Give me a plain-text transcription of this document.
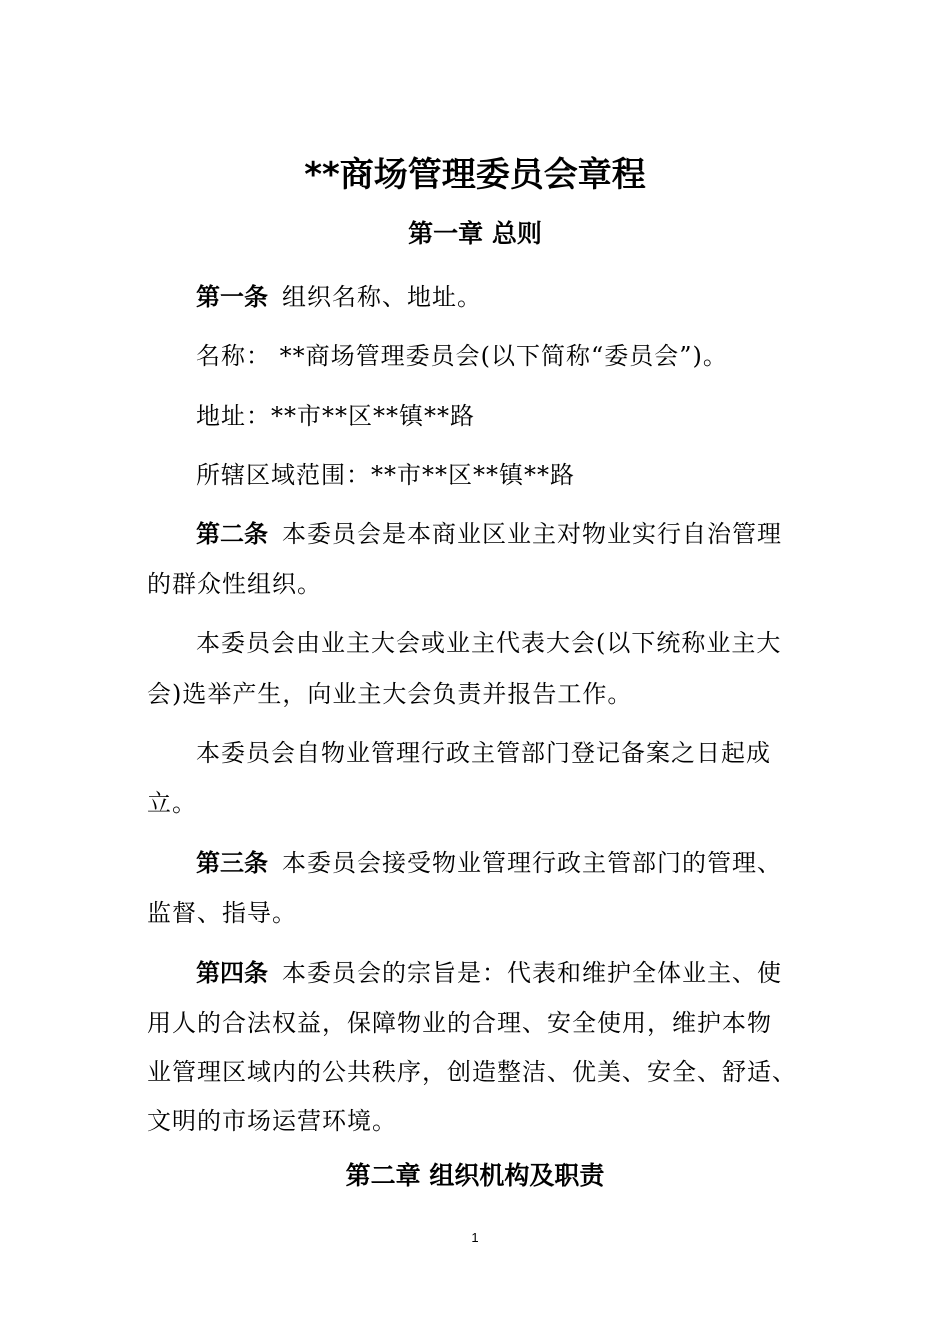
**商场管理委员会章程
第一章 总则
第一条 组织名称、地址。
名称： **商场管理委员会(以下简称“委员会”)。
地址：**市**区**镇**路
所辖区域范围：**市**区**镇**路
第二条 本委员会是本商业区业主对物业实行自治管理
的群众性组织。
本委员会由业主大会或业主代表大会(以下统称业主大
会)选举产生，向业主大会负责并报告工作。
本委员会自物业管理行政主管部门登记备案之日起成
立。
第三条 本委员会接受物业管理行政主管部门的管理、
监督、指导。
第四条 本委员会的宗旨是：代表和维护全体业主、使
用人的合法权益，保障物业的合理、安全使用，维护本物
业管理区域内的公共秩序，创造整洁、优美、安全、舒适、
文明的市场运营环境。
第二章 组织机构及职责
1
